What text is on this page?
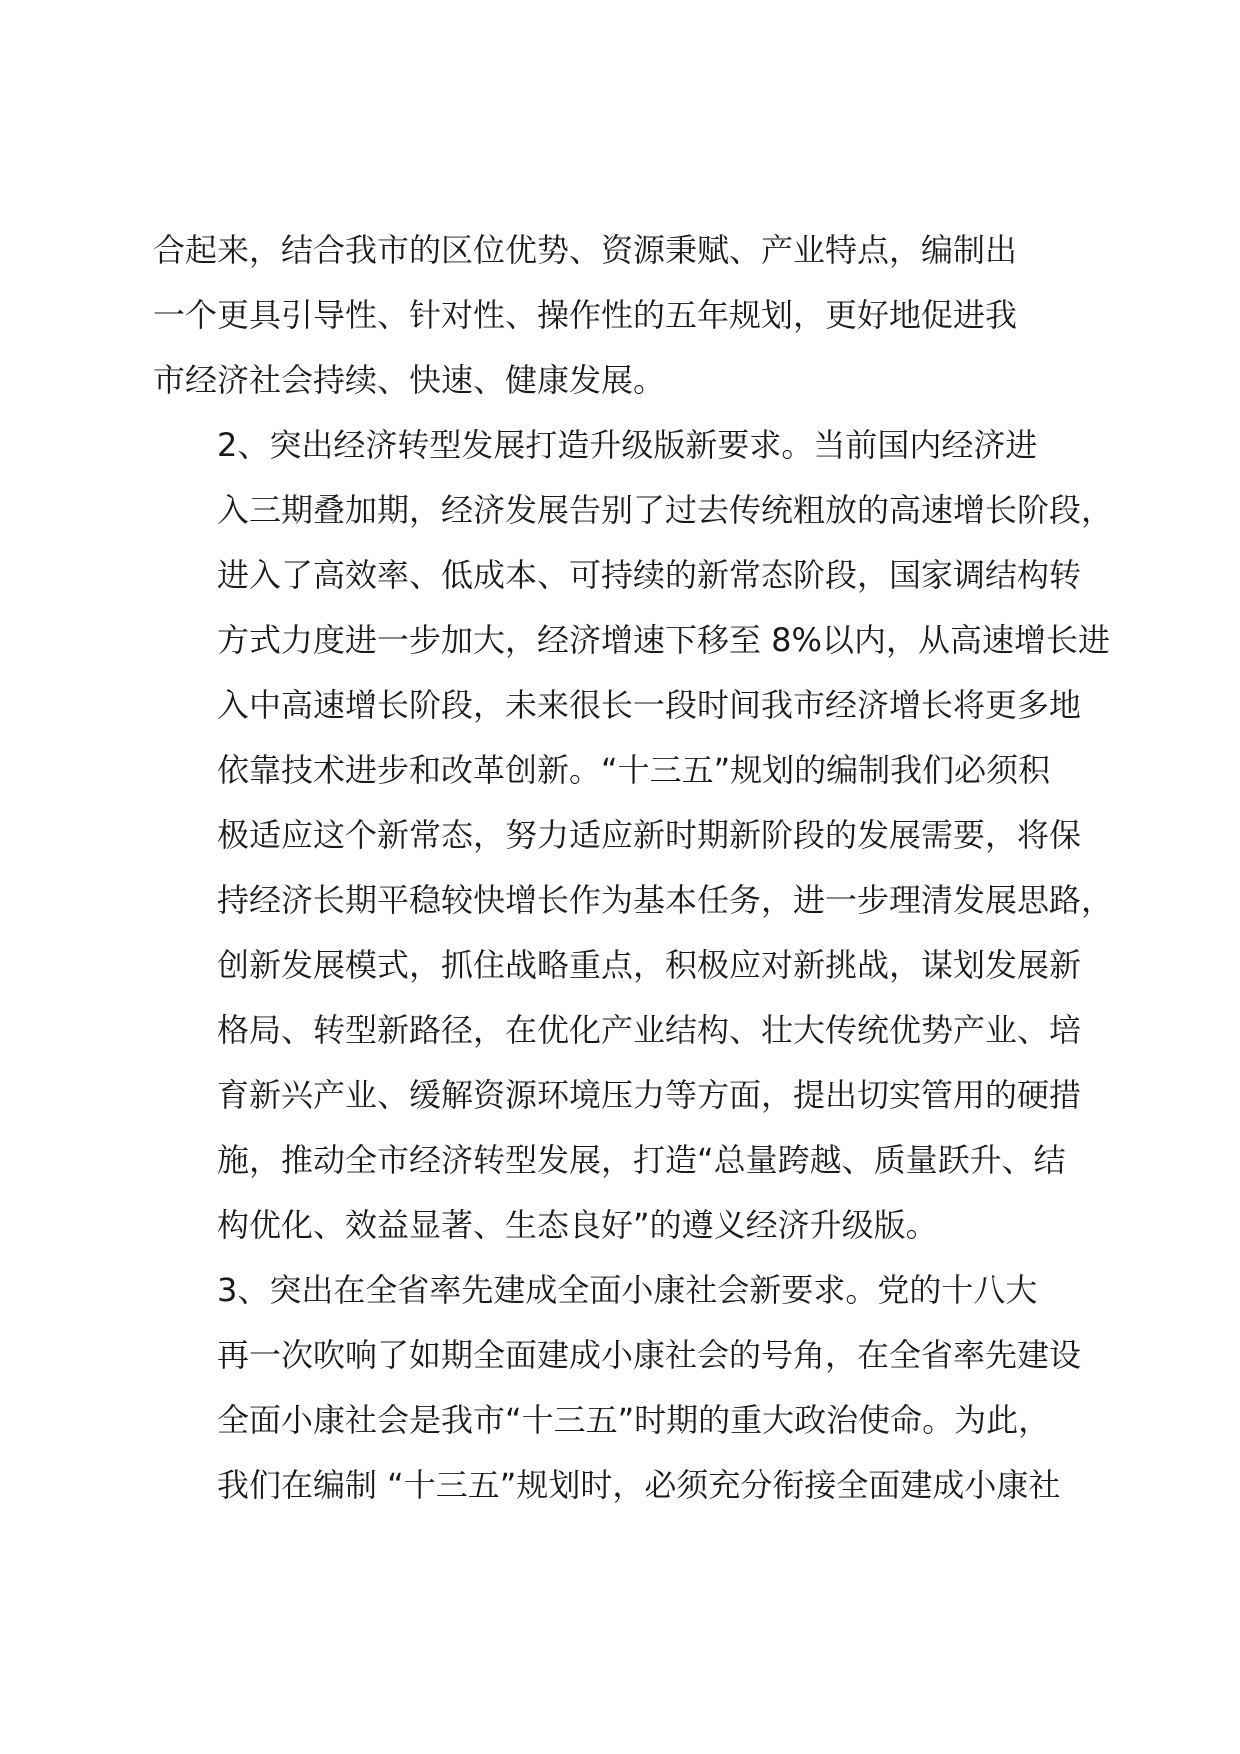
合起来，结合我市的区位优势、资源秉赋、产业特点，编制出
一个更具引导性、针对性、操作性的五年规划，更好地促进我
市经济社会持续、快速、健康发展。

2、突出经济转型发展打造升级版新要求。当前国内经济进
入三期叠加期，经济发展告别了过去传统粗放的高速增长阶段，
进入了高效率、低成本、可持续的新常态阶段，国家调结构转
方式力度进一步加大，经济增速下移至 8%以内，从高速增长进
入中高速增长阶段，未来很长一段时间我市经济增长将更多地
依靠技术进步和改革创新。“十三五”规划的编制我们必须积
极适应这个新常态，努力适应新时期新阶段的发展需要，将保
持经济长期平稳较快增长作为基本任务，进一步理清发展思路，
创新发展模式，抓住战略重点，积极应对新挑战，谋划发展新
格局、转型新路径，在优化产业结构、壮大传统优势产业、培
育新兴产业、缓解资源环境压力等方面，提出切实管用的硬措
施，推动全市经济转型发展，打造“总量跨越、质量跃升、结
构优化、效益显著、生态良好”的遵义经济升级版。

3、突出在全省率先建成全面小康社会新要求。党的十八大
再一次吹响了如期全面建成小康社会的号角，在全省率先建设
全面小康社会是我市“十三五”时期的重大政治使命。为此，
我们在编制 “十三五”规划时，必须充分衔接全面建成小康社
